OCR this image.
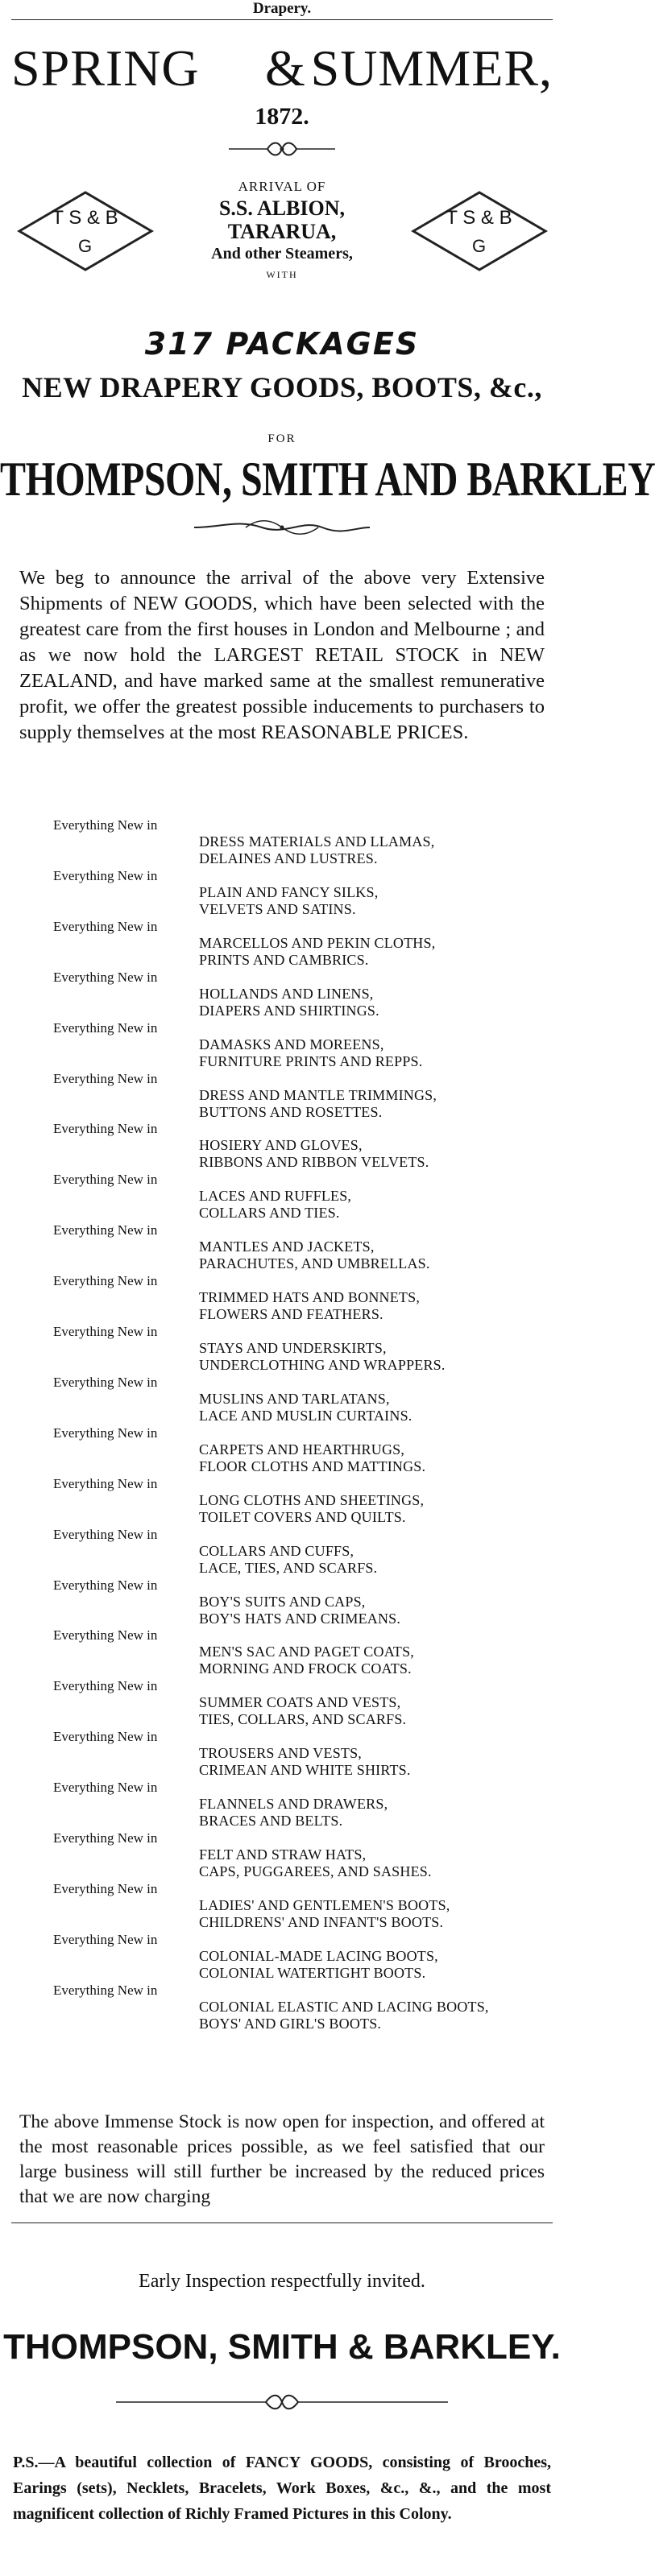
Drapery.
SPRING & SUMMER,
1872.
T S & B
G
T S & B
G
ARRIVAL OF
S.S. ALBION,
TARARUA,
And other Steamers,
WITH
317 PACKAGES
NEW DRAPERY GOODS, BOOTS, &c.,
FOR
THOMPSON, SMITH AND BARKLEY
We beg to announce the arrival of the above very Extensive Shipments of NEW GOODS, which have been selected with the greatest care from the first houses in London and Melbourne ; and as we now hold the LARGEST RETAIL STOCK in NEW ZEALAND, and have marked same at the smallest remunerative profit, we offer the greatest possible inducements to purchasers to supply themselves at the most REASONABLE PRICES.
Everything New in
DRESS MATERIALS AND LLAMAS,
DELAINES AND LUSTRES.
Everything New in
PLAIN AND FANCY SILKS,
VELVETS AND SATINS.
Everything New in
MARCELLOS AND PEKIN CLOTHS,
PRINTS AND CAMBRICS.
Everything New in
HOLLANDS AND LINENS,
DIAPERS AND SHIRTINGS.
Everything New in
DAMASKS AND MOREENS,
FURNITURE PRINTS AND REPPS.
Everything New in
DRESS AND MANTLE TRIMMINGS,
BUTTONS AND ROSETTES.
Everything New in
HOSIERY AND GLOVES,
RIBBONS AND RIBBON VELVETS.
Everything New in
LACES AND RUFFLES,
COLLARS AND TIES.
Everything New in
MANTLES AND JACKETS,
PARACHUTES, AND UMBRELLAS.
Everything New in
TRIMMED HATS AND BONNETS,
FLOWERS AND FEATHERS.
Everything New in
STAYS AND UNDERSKIRTS,
UNDERCLOTHING AND WRAPPERS.
Everything New in
MUSLINS AND TARLATANS,
LACE AND MUSLIN CURTAINS.
Everything New in
CARPETS AND HEARTHRUGS,
FLOOR CLOTHS AND MATTINGS.
Everything New in
LONG CLOTHS AND SHEETINGS,
TOILET COVERS AND QUILTS.
Everything New in
COLLARS AND CUFFS,
LACE, TIES, AND SCARFS.
Everything New in
BOY'S SUITS AND CAPS,
BOY'S HATS AND CRIMEANS.
Everything New in
MEN'S SAC AND PAGET COATS,
MORNING AND FROCK COATS.
Everything New in
SUMMER COATS AND VESTS,
TIES, COLLARS, AND SCARFS.
Everything New in
TROUSERS AND VESTS,
CRIMEAN AND WHITE SHIRTS.
Everything New in
FLANNELS AND DRAWERS,
BRACES AND BELTS.
Everything New in
FELT AND STRAW HATS,
CAPS, PUGGAREES, AND SASHES.
Everything New in
LADIES' AND GENTLEMEN'S BOOTS,
CHILDRENS' AND INFANT'S BOOTS.
Everything New in
COLONIAL-MADE LACING BOOTS,
COLONIAL WATERTIGHT BOOTS.
Everything New in
COLONIAL ELASTIC AND LACING BOOTS,
BOYS' AND GIRL'S BOOTS.
The above Immense Stock is now open for inspection, and offered at the most reasonable prices possible, as we feel satisfied that our large business will still further be increased by the reduced prices that we are now charging
Early Inspection respectfully invited.
THOMPSON, SMITH & BARKLEY.
P.S.—A beautiful collection of FANCY GOODS, consisting of Brooches, Earings (sets), Necklets, Bracelets, Work Boxes, &c., &., and the most magnificent collection of Richly Framed Pictures in this Colony.
